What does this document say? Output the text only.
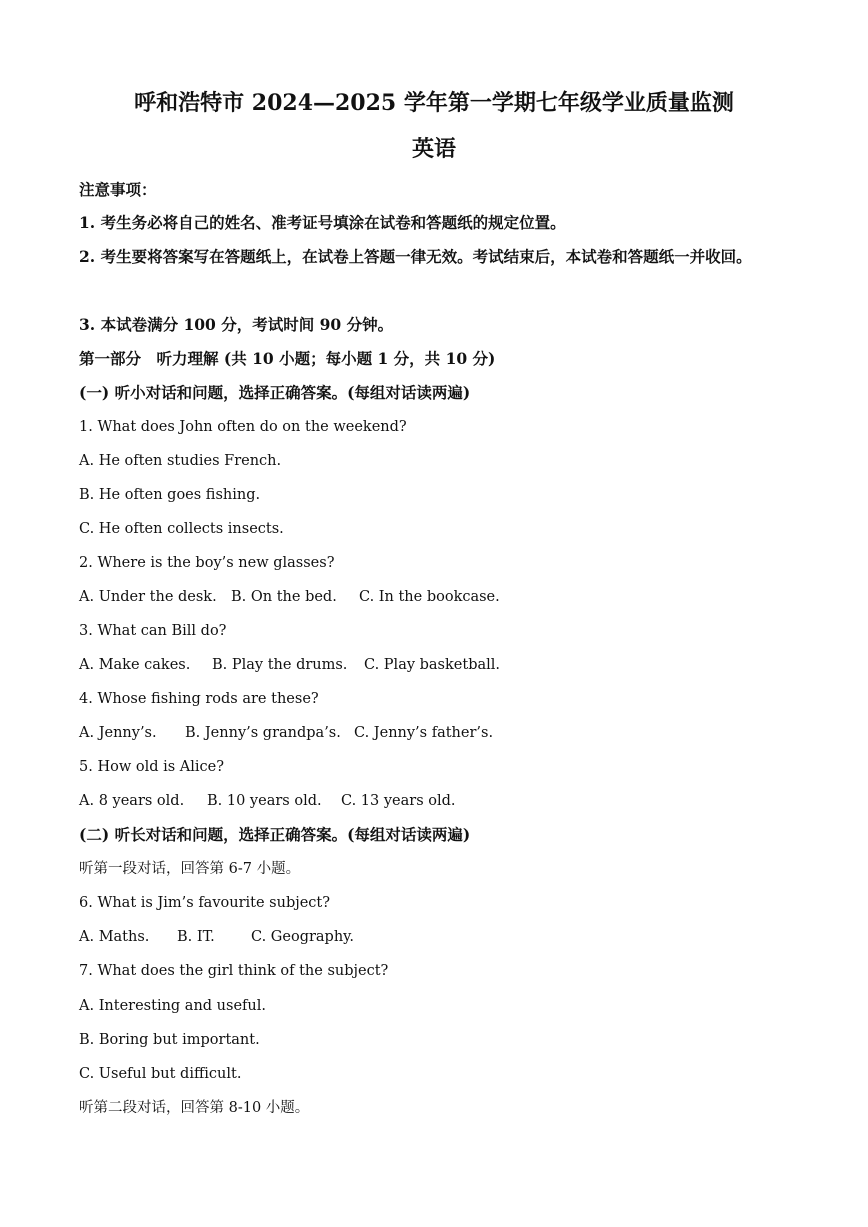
呼和浩特市 2024—2025 学年第一学期七年级学业质量监测
英语
注意事项：
1. 考生务必将自己的姓名、准考证号填涂在试卷和答题纸的规定位置。
2. 考生要将答案写在答题纸上，在试卷上答题一律无效。考试结束后，本试卷和答题纸一并收回。
3. 本试卷满分 100 分，考试时间 90 分钟。
第一部分　听力理解 (共 10 小题；每小题 1 分，共 10 分)
(一) 听小对话和问题，选择正确答案。(每组对话读两遍)
1. What does John often do on the weekend?
A. He often studies French.
B. He often goes fishing.
C. He often collects insects.
2. Where is the boy’s new glasses?
A. Under the desk. B. On the bed. C. In the bookcase.
3. What can Bill do?
A. Make cakes. B. Play the drums. C. Play basketball.
4. Whose fishing rods are these?
A. Jenny’s. B. Jenny’s grandpa’s. C. Jenny’s father’s.
5. How old is Alice?
A. 8 years old. B. 10 years old. C. 13 years old.
(二) 听长对话和问题，选择正确答案。(每组对话读两遍)
听第一段对话，回答第 6-7 小题。
6. What is Jim’s favourite subject?
A. Maths. B. IT. C. Geography.
7. What does the girl think of the subject?
A. Interesting and useful.
B. Boring but important.
C. Useful but difficult.
听第二段对话，回答第 8-10 小题。
